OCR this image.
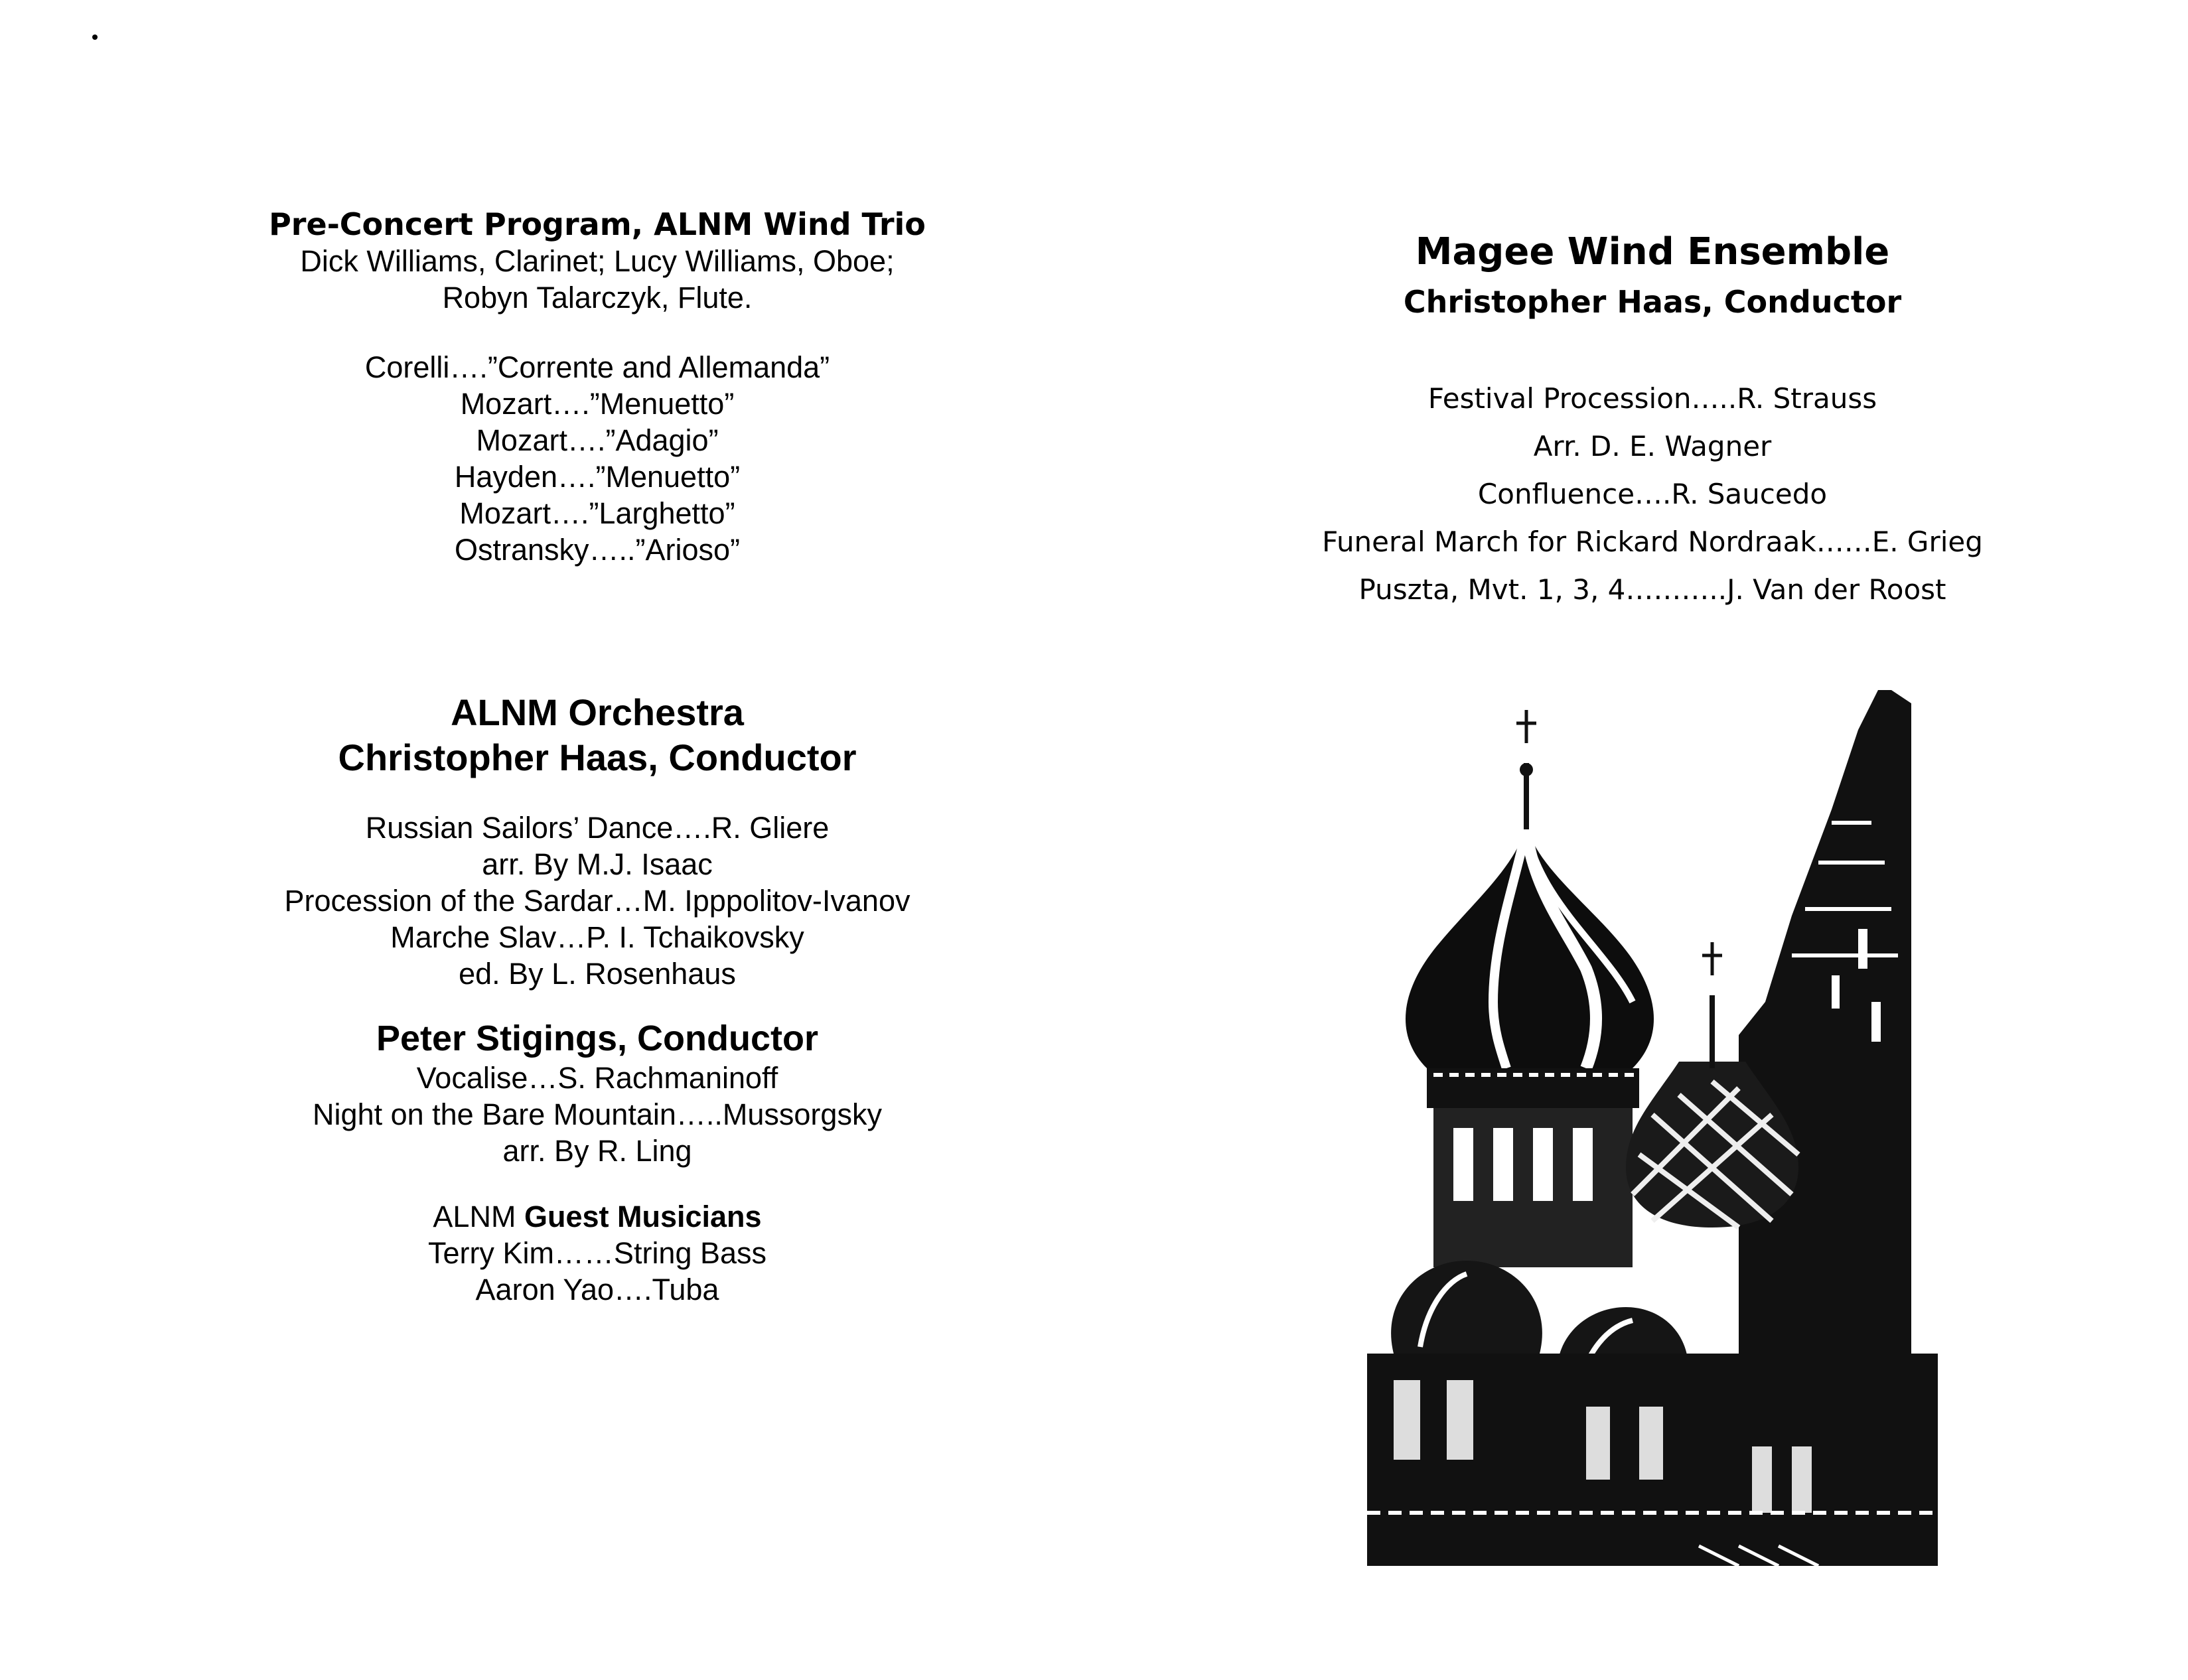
Pre-Concert Program, ALNM Wind Trio
Dick Williams, Clarinet; Lucy Williams, Oboe;
Robyn Talarczyk, Flute.
Corelli….”Corrente and Allemanda”
Mozart….”Menuetto”
Mozart….”Adagio”
Hayden….”Menuetto”
Mozart….”Larghetto”
Ostransky…..”Arioso”
ALNM Orchestra
Christopher Haas, Conductor
Russian Sailors’ Dance….R. Gliere
arr. By M.J. Isaac
Procession of the Sardar…M. Ipppolitov-Ivanov
Marche Slav…P. I. Tchaikovsky
ed. By L. Rosenhaus
Peter Stigings, Conductor
Vocalise…S. Rachmaninoff
Night on the Bare Mountain…..Mussorgsky
arr. By R. Ling
ALNM Guest Musicians
Terry Kim……String Bass
Aaron Yao….Tuba
Magee Wind Ensemble
Christopher Haas, Conductor
Festival Procession…..R. Strauss
Arr. D. E. Wagner
Confluence….R. Saucedo
Funeral March for Rickard Nordraak……E. Grieg
Puszta, Mvt. 1, 3, 4………..J. Van der Roost
